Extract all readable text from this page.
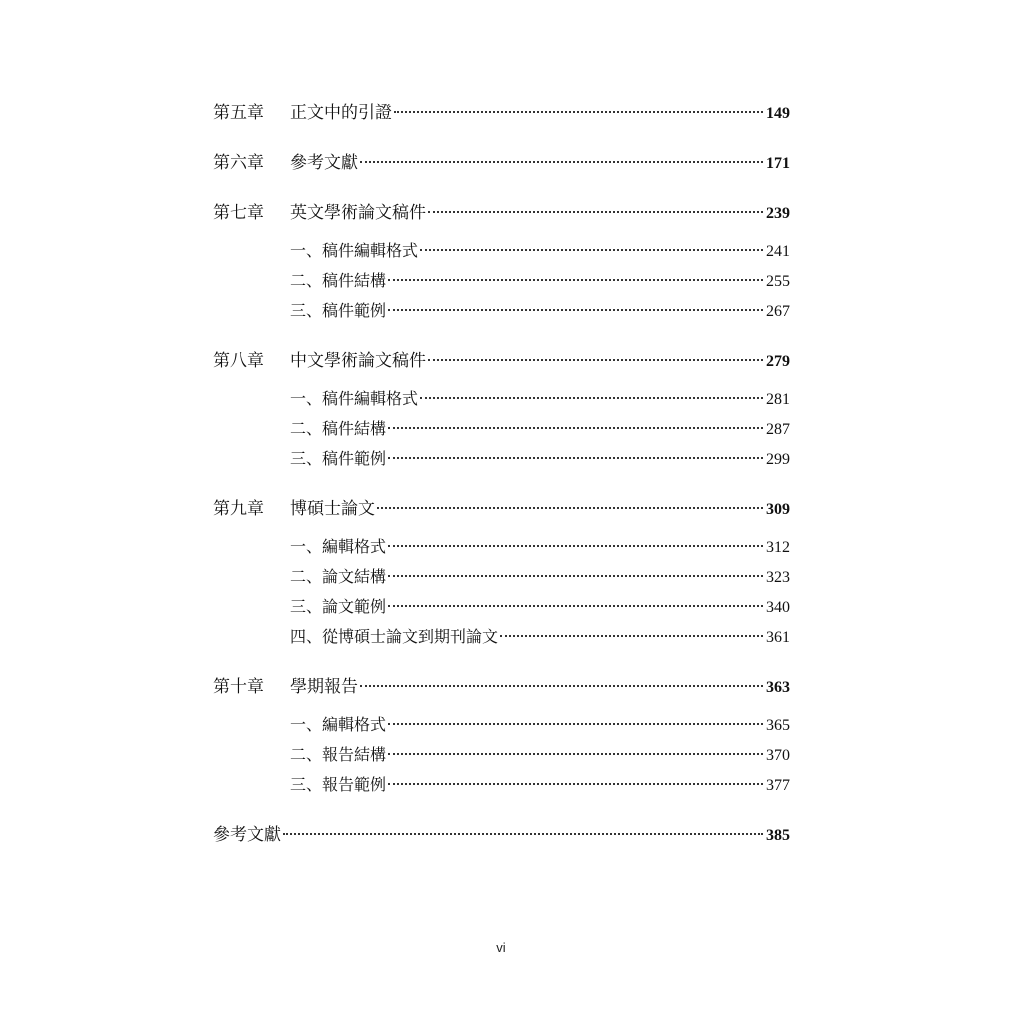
第五章	正文中的引證	149
第六章	參考文獻	171
第七章	英文學術論文稿件	239
一、稿件編輯格式	241
二、稿件結構	255
三、稿件範例	267
第八章	中文學術論文稿件	279
一、稿件編輯格式	281
二、稿件結構	287
三、稿件範例	299
第九章	博碩士論文	309
一、編輯格式	312
二、論文結構	323
三、論文範例	340
四、從博碩士論文到期刊論文	361
第十章	學期報告	363
一、編輯格式	365
二、報告結構	370
三、報告範例	377
參考文獻	385
vi
